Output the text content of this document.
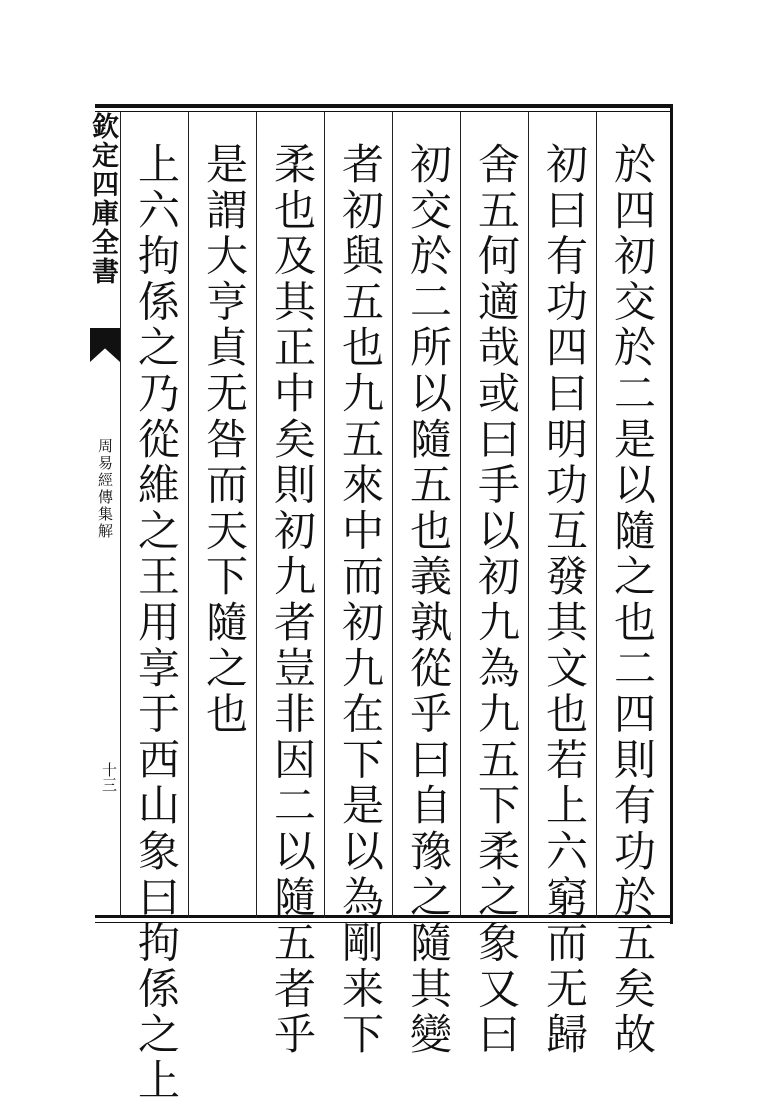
欽定四庫全書
周易經傳集解
十三	於四初交於二是以隨之也二四則有功於五矣故
初曰有功四曰明功互發其文也若上六窮而无歸
舍五何適哉或曰手以初九為九五下柔之象又曰
初交於二所以隨五也義孰從乎曰自豫之隨其變
者初與五也九五來中而初九在下是以為剛来下
柔也及其正中矣則初九者豈非因二以隨五者乎
是謂大亨貞无咎而天下隨之也
上六拘係之乃從維之王用享于西山象曰拘係之上
